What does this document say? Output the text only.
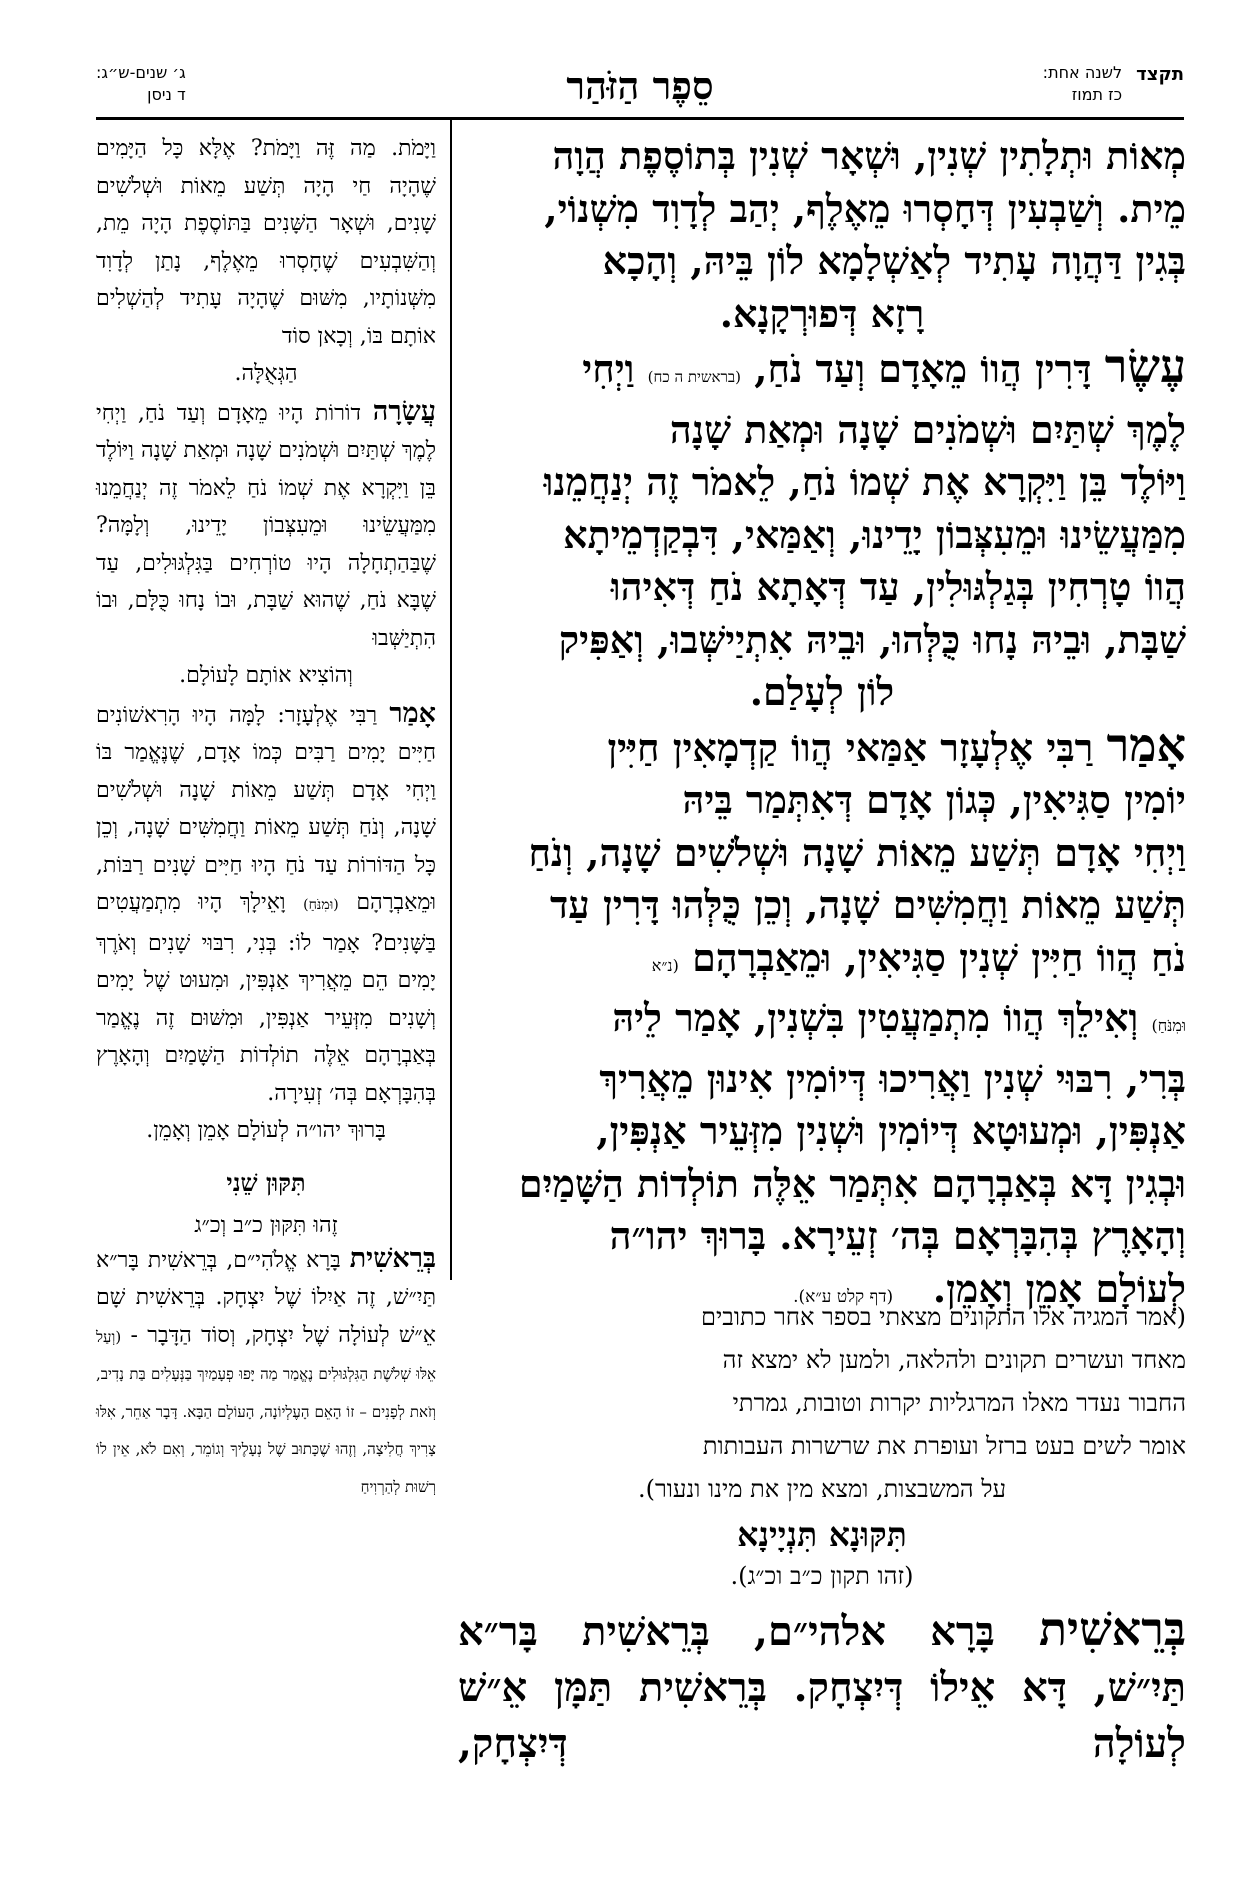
תקצד
לשנה אחת:
כז תמוז
סֵפֶר הַזֹּהַר
ג׳ שנים-ש״ג:
ד ניסן

מְאוֹת וּתְלָתִין שְׁנִין, וּשְׁאָר שְׁנִין בְּתוֹסֶפֶת הֲוָה
מֵית. וְשַׁבְעִין דְּחָסְרוּ מֵאֶלֶף, יְהַב לְדָוִד מִשְׁנוֹי,
בְּגִין דַּהֲוָה עָתִיד לְאַשְׁלָמָא לוֹן בֵּיהּ, וְהָכָא
רָזָא דְּפוּרְקָנָא.

עֶשֶׂר דָּרִין הֲווֹ מֵאָדָם וְעַד נֹחַ, (בראשית ה כח) וַיְחִי
לֶמֶךְ שְׁתַּיִם וּשְׁמֹנִים שָׁנָה וּמְאַת שָׁנָה
וַיּוֹלֶד בֵּן וַיִּקְרָא אֶת שְׁמוֹ נֹחַ, לֵאמֹר זֶה יְנַחֲמֵנוּ
מִמַּעֲשֵׂינוּ וּמֵעִצְּבוֹן יָדֵינוּ, וְאַמַּאי, דִּבְקַדְמֵיתָא
הֲווֹ טָרְחִין בְּגַלְגּוּלִין, עַד דְּאָתָא נֹחַ דְּאִיהוּ
שַׁבָּת, וּבֵיהּ נָחוּ כֻּלְּהוּ, וּבֵיהּ אִתְיַישְּׁבוּ, וְאַפִּיק
לוֹן לְעָלַם.

אָמַר רַבִּי אֶלְעָזָר אַמַּאי הֲווֹ קַדְמָאִין חַיִּין
יוֹמִין סַגִּיאִין, כְּגוֹן אָדָם דְּאִתְּמַר בֵּיהּ
וַיְחִי אָדָם תְּשַׁע מֵאוֹת שָׁנָה וּשְׁלֹשִׁים שָׁנָה, וְנֹחַ
תְּשַׁע מֵאוֹת וַחֲמִשִּׁים שָׁנָה, וְכֵן כֻּלְּהוּ דָּרִין עַד
נֹחַ הֲווֹ חַיִּין שְׁנִין סַגִּיאִין, וּמֵאַבְרָהָם (נ״א
וּמִנֹּחַ) וְאִילֵךְ הֲווֹ מִתְמַעֲטִין בִּשְׁנִין, אָמַר לֵיהּ
בְּרִי, רִבּוּי שְׁנִין וַאֲרִיכוּ דְּיוֹמִין אִינוּן מֵאֲרִיךְ
אַנְפִּין, וּמְעוּטָא דְּיוֹמִין וּשְׁנִין מִזְּעֵיר אַנְפִּין,
וּבְגִין דָּא בְּאַבְרָהָם אִתְּמַר אֵלֶּה תוֹלְדוֹת הַשָּׁמַיִם
וְהָאָרֶץ בְּהִבָּרְאָם בְּה׳ זְעֵירָא. בָּרוּךְ יהו״ה
לְעוֹלָם אָמֵן וְאָמֵן.   (דף קלט ע״א).

וַיָּמֹת. מַה זֶּה וַיָּמֹת? אֶלָּא כָּל הַיָּמִים שֶׁהָיָה חַי הָיָה תְּשַׁע מֵאוֹת וּשְׁלֹשִׁים שָׁנִים, וּשְׁאָר הַשָּׁנִים בַּתּוֹסֶפֶת הָיָה מֵת, וְהַשִּׁבְעִים שֶׁחָסְרוּ מֵאֶלֶף, נָתַן לְדָוִד מִשְּׁנוֹתָיו, מִשּׁוּם שֶׁהָיָה עָתִיד לְהַשְׁלִים אוֹתָם בּוֹ, וְכָאן סוֹד
הַגְּאֻלָּה.

עֲשָׂרָה דוֹרוֹת הָיוּ מֵאָדָם וְעַד נֹחַ, וַיְחִי לֶמֶךְ שְׁתַּיִם וּשְׁמֹנִים שָׁנָה וּמְאַת שָׁנָה וַיּוֹלֶד בֵּן וַיִּקְרָא אֶת שְׁמוֹ נֹחַ לֵאמֹר זֶה יְנַחֲמֵנוּ מִמַּעֲשֵׂינוּ וּמֵעִצְּבוֹן יָדֵינוּ, וְלָמָּה? שֶׁבַּהַתְחָלָה הָיוּ טוֹרְחִים בַּגִּלְגּוּלִים, עַד שֶׁבָּא נֹחַ, שֶׁהוּא שַׁבָּת, וּבוֹ נָחוּ כֻּלָּם, וּבוֹ הִתְיַשְּׁבוּ
וְהוֹצִיא אוֹתָם לָעוֹלָם.

אָמַר רַבִּי אֶלְעָזָר: לָמָּה הָיוּ הָרִאשׁוֹנִים חַיִּים יָמִים רַבִּים כְּמוֹ אָדָם, שֶׁנֶּאֱמַר בּוֹ וַיְחִי אָדָם תְּשַׁע מֵאוֹת שָׁנָה וּשְׁלֹשִׁים שָׁנָה, וְנֹחַ תְּשַׁע מֵאוֹת וַחֲמִשִּׁים שָׁנָה, וְכֵן כָּל הַדּוֹרוֹת עַד נֹחַ הָיוּ חַיִּים שָׁנִים רַבּוֹת, וּמֵאַבְרָהָם (וּמִנֹּחַ) וָאֵילָךְ הָיוּ מִתְמַעֲטִים בַּשָּׁנִים? אָמַר לוֹ: בְּנִי, רִבּוּי שָׁנִים וְאֹרֶךְ יָמִים הֵם מֵאֲרִיךְ אַנְפִּין, וּמִעוּט שֶׁל יָמִים וְשָׁנִים מִזְּעֵיר אַנְפִּין, וּמִשּׁוּם זֶה נֶאֱמַר בְּאַבְרָהָם אֵלֶּה תוֹלְדוֹת הַשָּׁמַיִם וְהָאָרֶץ בְּהִבָּרְאָם בְּה׳ זְעִירָה.
בָּרוּךְ יהו״ה לְעוֹלָם אָמֵן וְאָמֵן.

תִּקּוּן שֵׁנִי
זֶהוּ תִּקּוּן כ״ב וְכ״ג

בְּרֵאשִׁית בָּרָא אֱלֹהִי״ם, בְּרֵאשִׁית בָּר״א תַּיִ״שׁ, זֶה אַיִלוֹ שֶׁל יִצְחָק. בְּרֵאשִׁית שָׁם אֵ״שׁ לְעוֹלָה שֶׁל יִצְחָק, וְסוֹד הַדָּבָר - (וְעַל אֵלּוּ שְׁלֹשֶׁת הַגִּלְגּוּלִים נֶאֱמַר מַה יָּפוּ פְעָמַיִךְ בַּנְּעָלִים בַּת נָדִיב, וְזֹאת לְפָנִים – זוֹ הָאֵם הָעֶלְיוֹנָה, הָעוֹלָם הַבָּא. דָּבָר אַחֵר, אִלּוּ צָרִיךְ חֲלִיצָה, וְזֶהוּ שֶׁכָּתוּב שֶׁל נְעָלֶיךָ וְגוֹמֵר, וְאִם לֹא, אֵין לוֹ רְשׁוּת לְהַרְוִיחַ

(אמר המגיה אלו התקונים מצאתי בספר אחר כתובים
מאחד ועשרים תקונים ולהלאה, ולמען לא ימצא זה
החבור נעדר מאלו המרגליות יקרות וטובות, גמרתי
אומר לשים בעט ברזל ועופרת את שרשרות העבותות
על המשבצות, ומצא מין את מינו ונעור).

תִּקּוּנָא תִּנְיָינָא
(זהו תקון כ״ב וכ״ג).

בְּרֵאשִׁית בָּרָא אלהי״ם, בְּרֵאשִׁית בָּר״א
תַּיִ״שׁ, דָּא אֵילוֹ דְּיִצְחָק. בְּרֵאשִׁית תַּמָּן אֵ״שׁ לְעוֹלָה דְּיִצְחָק,
